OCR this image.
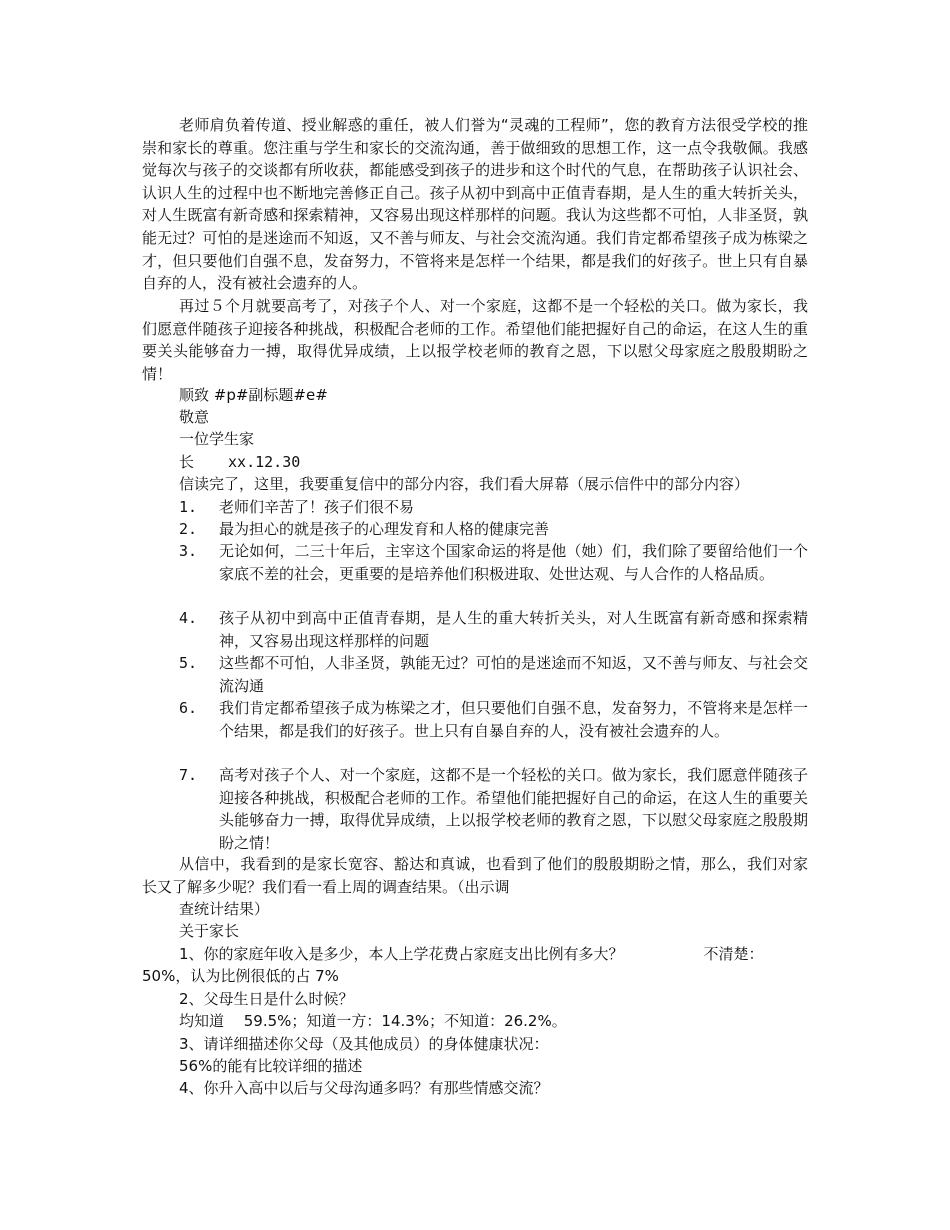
老师肩负着传道、授业解惑的重任，被人们誉为“灵魂的工程师”，您的教育方法很受学校的推崇和家长的尊重。您注重与学生和家长的交流沟通，善于做细致的思想工作，这一点令我敬佩。我感觉每次与孩子的交谈都有所收获，都能感受到孩子的进步和这个时代的气息，在帮助孩子认识社会、认识人生的过程中也不断地完善修正自己。孩子从初中到高中正值青春期，是人生的重大转折关头，对人生既富有新奇感和探索精神，又容易出现这样那样的问题。我认为这些都不可怕，人非圣贤，孰能无过？可怕的是迷途而不知返，又不善与师友、与社会交流沟通。我们肯定都希望孩子成为栋梁之才，但只要他们自强不息，发奋努力，不管将来是怎样一个结果，都是我们的好孩子。世上只有自暴自弃的人，没有被社会遗弃的人。

再过５个月就要高考了，对孩子个人、对一个家庭，这都不是一个轻松的关口。做为家长，我们愿意伴随孩子迎接各种挑战，积极配合老师的工作。希望他们能把握好自己的命运，在这人生的重要关头能够奋力一搏，取得优异成绩，上以报学校老师的教育之恩，下以慰父母家庭之殷殷期盼之情！

顺致 #p#副标题#e#

敬意

一位学生家

长 xx.12.30

信读完了，这里，我要重复信中的部分内容，我们看大屏幕（展示信件中的部分内容）

1.	老师们辛苦了！孩子们很不易
2.	最为担心的就是孩子的心理发育和人格的健康完善
3.	无论如何，二三十年后，主宰这个国家命运的将是他（她）们，我们除了要留给他们一个家底不差的社会，更重要的是培养他们积极进取、处世达观、与人合作的人格品质。
4.	孩子从初中到高中正值青春期，是人生的重大转折关头，对人生既富有新奇感和探索精神，又容易出现这样那样的问题
5.	这些都不可怕，人非圣贤，孰能无过？可怕的是迷途而不知返，又不善与师友、与社会交流沟通
6.	我们肯定都希望孩子成为栋梁之才，但只要他们自强不息，发奋努力，不管将来是怎样一个结果，都是我们的好孩子。世上只有自暴自弃的人，没有被社会遗弃的人。
7.	高考对孩子个人、对一个家庭，这都不是一个轻松的关口。做为家长，我们愿意伴随孩子迎接各种挑战，积极配合老师的工作。希望他们能把握好自己的命运，在这人生的重要关头能够奋力一搏，取得优异成绩，上以报学校老师的教育之恩，下以慰父母家庭之殷殷期盼之情！

从信中，我看到的是家长宽容、豁达和真诚，也看到了他们的殷殷期盼之情，那么，我们对家长又了解多少呢？我们看一看上周的调查结果。（出示调

查统计结果）

关于家长

1、你的家庭年收入是多少，本人上学花费占家庭支出比例有多大？	不清楚：

50%，认为比例很低的占 7%

2、父母生日是什么时候？

均知道　 59.5%；知道一方：14.3%；不知道：26.2%。

3、请详细描述你父母（及其他成员）的身体健康状况：

56%的能有比较详细的描述

4、你升入高中以后与父母沟通多吗？有那些情感交流？
